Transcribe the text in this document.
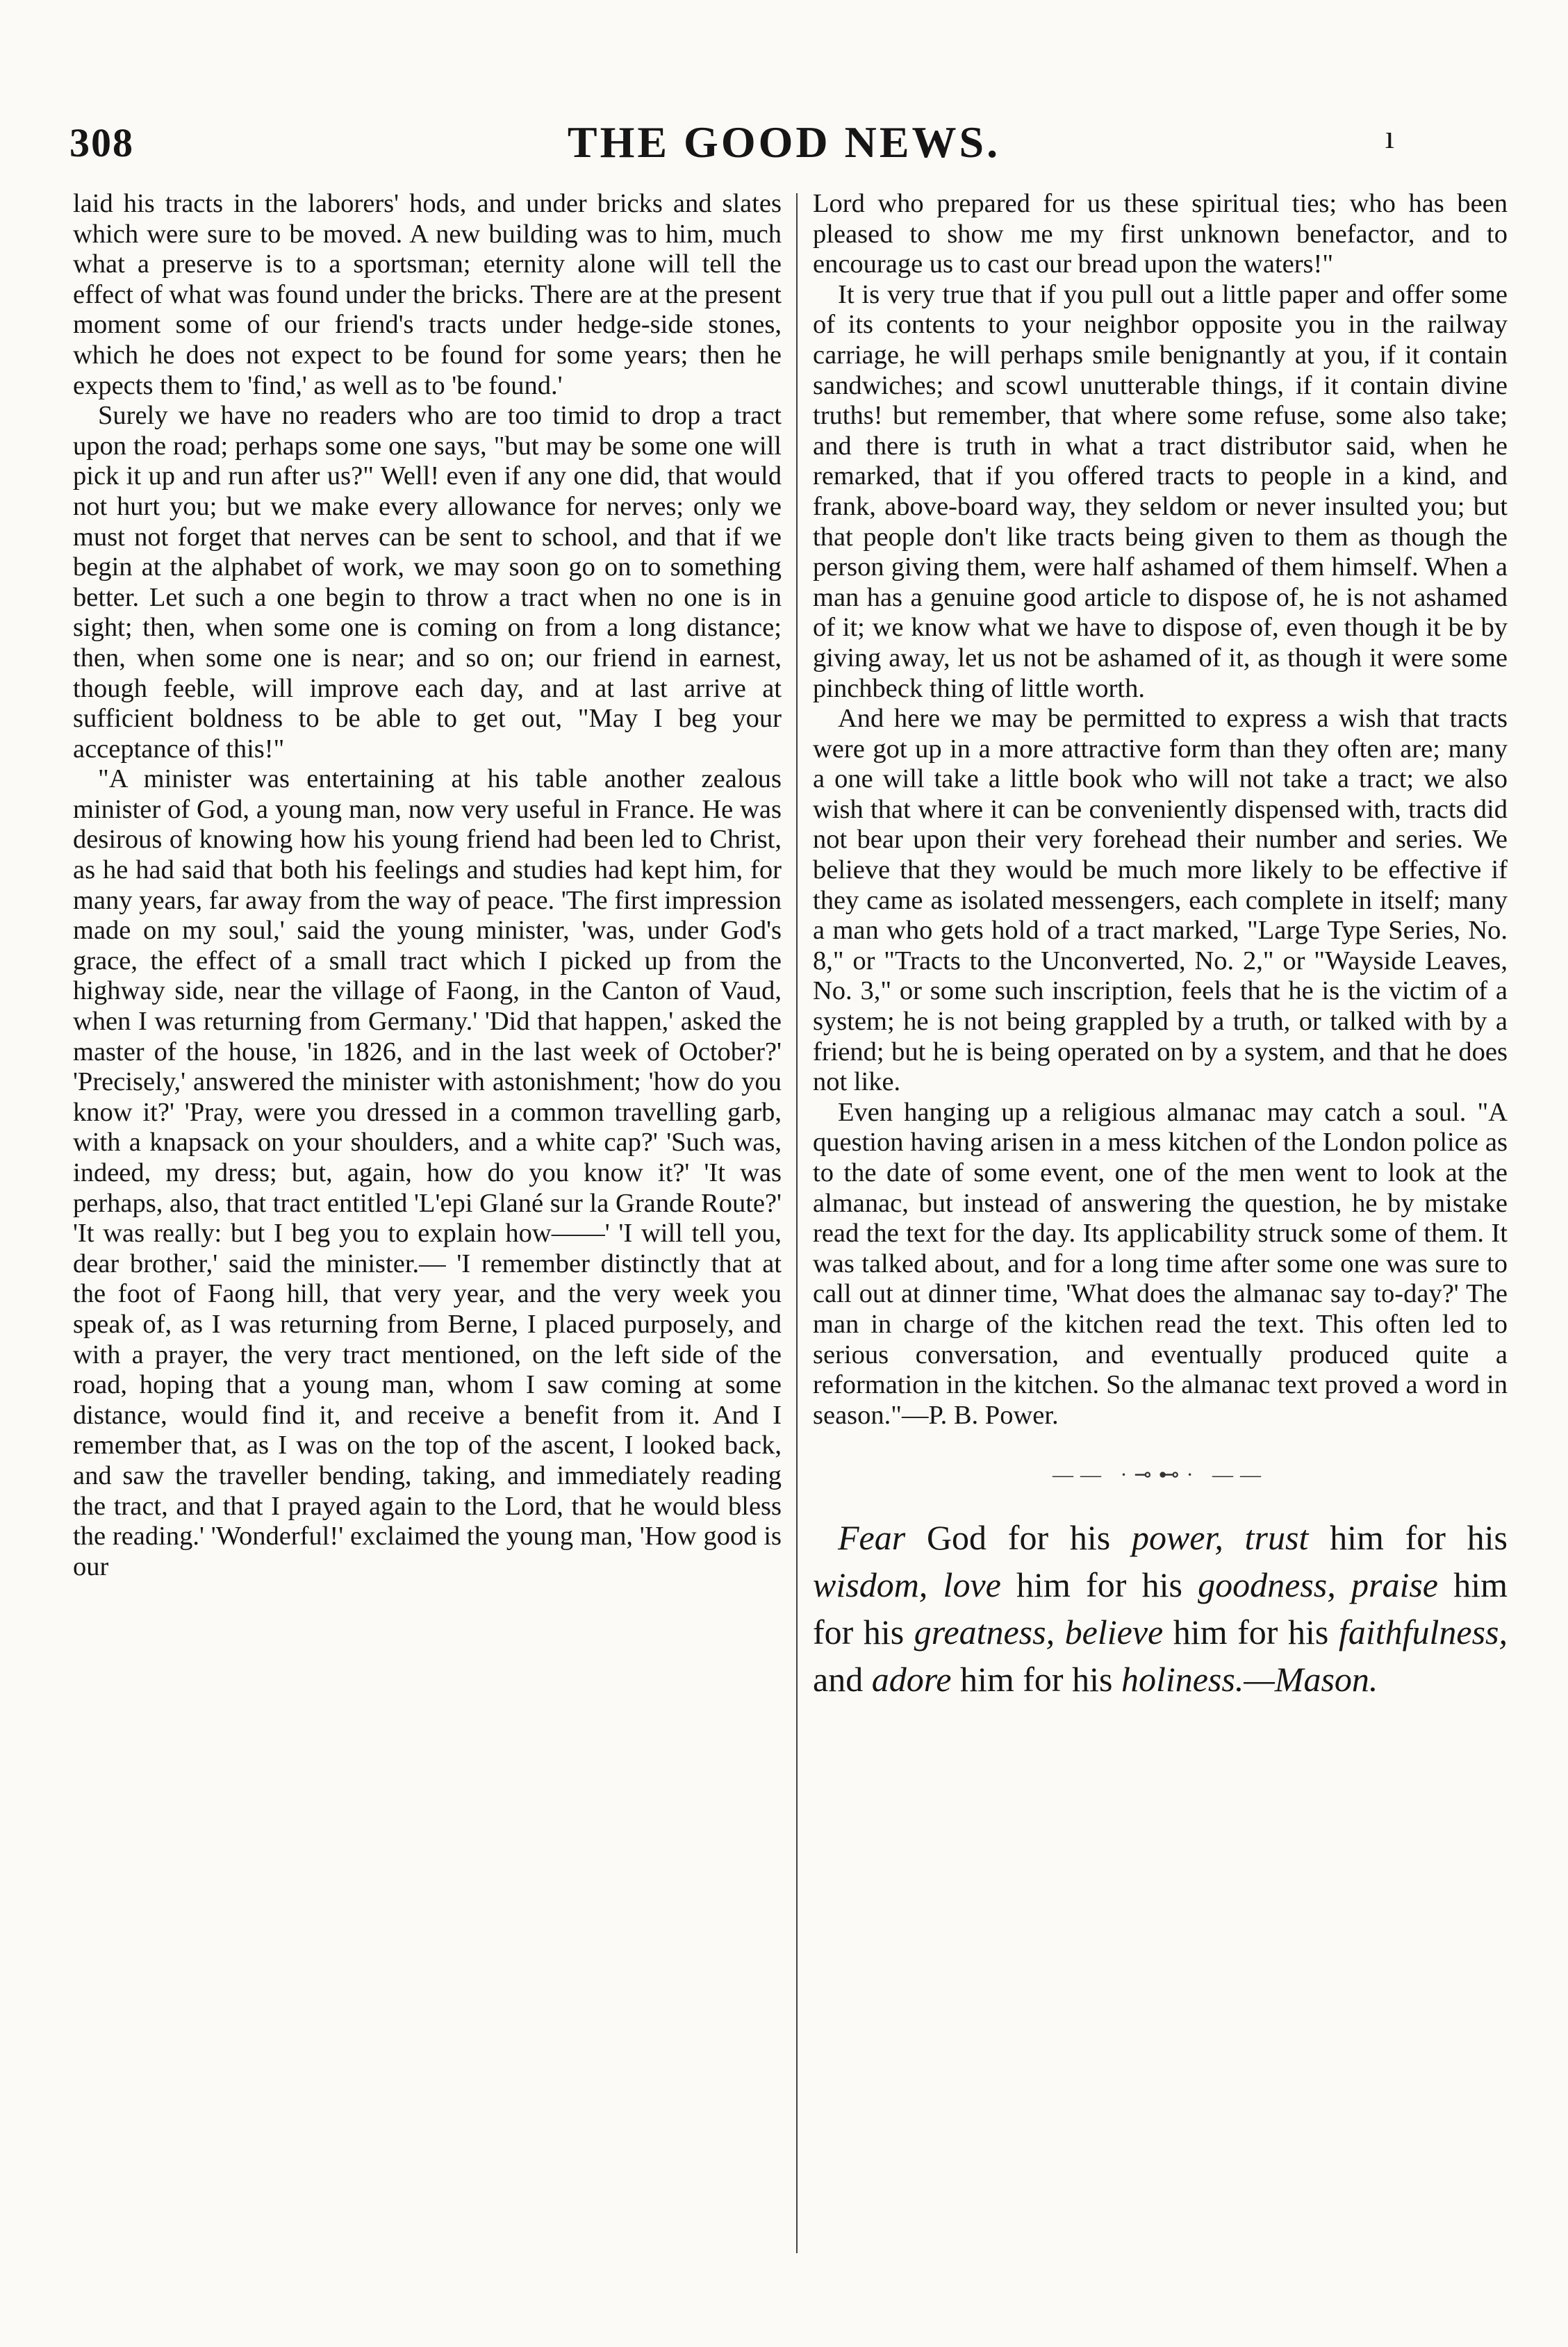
308	THE GOOD NEWS.	ı

laid his tracts in the laborers' hods, and under bricks and slates which were sure to be moved. A new building was to him, much what a preserve is to a sportsman; eternity alone will tell the effect of what was found under the bricks. There are at the present moment some of our friend's tracts under hedge-side stones, which he does not expect to be found for some years; then he expects them to 'find,' as well as to 'be found.'

Surely we have no readers who are too timid to drop a tract upon the road; perhaps some one says, "but may be some one will pick it up and run after us?" Well! even if any one did, that would not hurt you; but we make every allowance for nerves; only we must not forget that nerves can be sent to school, and that if we begin at the alphabet of work, we may soon go on to something better. Let such a one begin to throw a tract when no one is in sight; then, when some one is coming on from a long distance; then, when some one is near; and so on; our friend in earnest, though feeble, will improve each day, and at last arrive at sufficient boldness to be able to get out, "May I beg your acceptance of this!"

"A minister was entertaining at his table another zealous minister of God, a young man, now very useful in France. He was desirous of knowing how his young friend had been led to Christ, as he had said that both his feelings and studies had kept him, for many years, far away from the way of peace. 'The first impression made on my soul,' said the young minister, 'was, under God's grace, the effect of a small tract which I picked up from the highway side, near the village of Faong, in the Canton of Vaud, when I was returning from Germany.' 'Did that happen,' asked the master of the house, 'in 1826, and in the last week of October?' 'Precisely,' answered the minister with astonishment; 'how do you know it?' 'Pray, were you dressed in a common travelling garb, with a knapsack on your shoulders, and a white cap?' 'Such was, indeed, my dress; but, again, how do you know it?' 'It was perhaps, also, that tract entitled 'L'epi Glané sur la Grande Route?' 'It was really: but I beg you to explain how——' 'I will tell you, dear brother,' said the minister.— 'I remember distinctly that at the foot of Faong hill, that very year, and the very week you speak of, as I was returning from Berne, I placed purposely, and with a prayer, the very tract mentioned, on the left side of the road, hoping that a young man, whom I saw coming at some distance, would find it, and receive a benefit from it. And I remember that, as I was on the top of the ascent, I looked back, and saw the traveller bending, taking, and immediately reading the tract, and that I prayed again to the Lord, that he would bless the reading.' 'Wonderful!' exclaimed the young man, 'How good is our

Lord who prepared for us these spiritual ties; who has been pleased to show me my first unknown benefactor, and to encourage us to cast our bread upon the waters!"

It is very true that if you pull out a little paper and offer some of its contents to your neighbor opposite you in the railway carriage, he will perhaps smile benignantly at you, if it contain sandwiches; and scowl unutterable things, if it contain divine truths! but remember, that where some refuse, some also take; and there is truth in what a tract distributor said, when he remarked, that if you offered tracts to people in a kind, and frank, above-board way, they seldom or never insulted you; but that people don't like tracts being given to them as though the person giving them, were half ashamed of them himself. When a man has a genuine good article to dispose of, he is not ashamed of it; we know what we have to dispose of, even though it be by giving away, let us not be ashamed of it, as though it were some pinchbeck thing of little worth.

And here we may be permitted to express a wish that tracts were got up in a more attractive form than they often are; many a one will take a little book who will not take a tract; we also wish that where it can be conveniently dispensed with, tracts did not bear upon their very forehead their number and series. We believe that they would be much more likely to be effective if they came as isolated messengers, each complete in itself; many a man who gets hold of a tract marked, "Large Type Series, No. 8," or "Tracts to the Unconverted, No. 2," or "Wayside Leaves, No. 3," or some such inscription, feels that he is the victim of a system; he is not being grappled by a truth, or talked with by a friend; but he is being operated on by a system, and that he does not like.

Even hanging up a religious almanac may catch a soul. "A question having arisen in a mess kitchen of the London police as to the date of some event, one of the men went to look at the almanac, but instead of answering the question, he by mistake read the text for the day. Its applicability struck some of them. It was talked about, and for a long time after some one was sure to call out at dinner time, 'What does the almanac say to-day?' The man in charge of the kitchen read the text. This often led to serious conversation, and eventually produced quite a reformation in the kitchen. So the almanac text proved a word in season."—P. B. Power.

—— ·⊸⊷· ——

Fear God for his power, trust him for his wisdom, love him for his goodness, praise him for his greatness, believe him for his faithfulness, and adore him for his holiness.—Mason.
